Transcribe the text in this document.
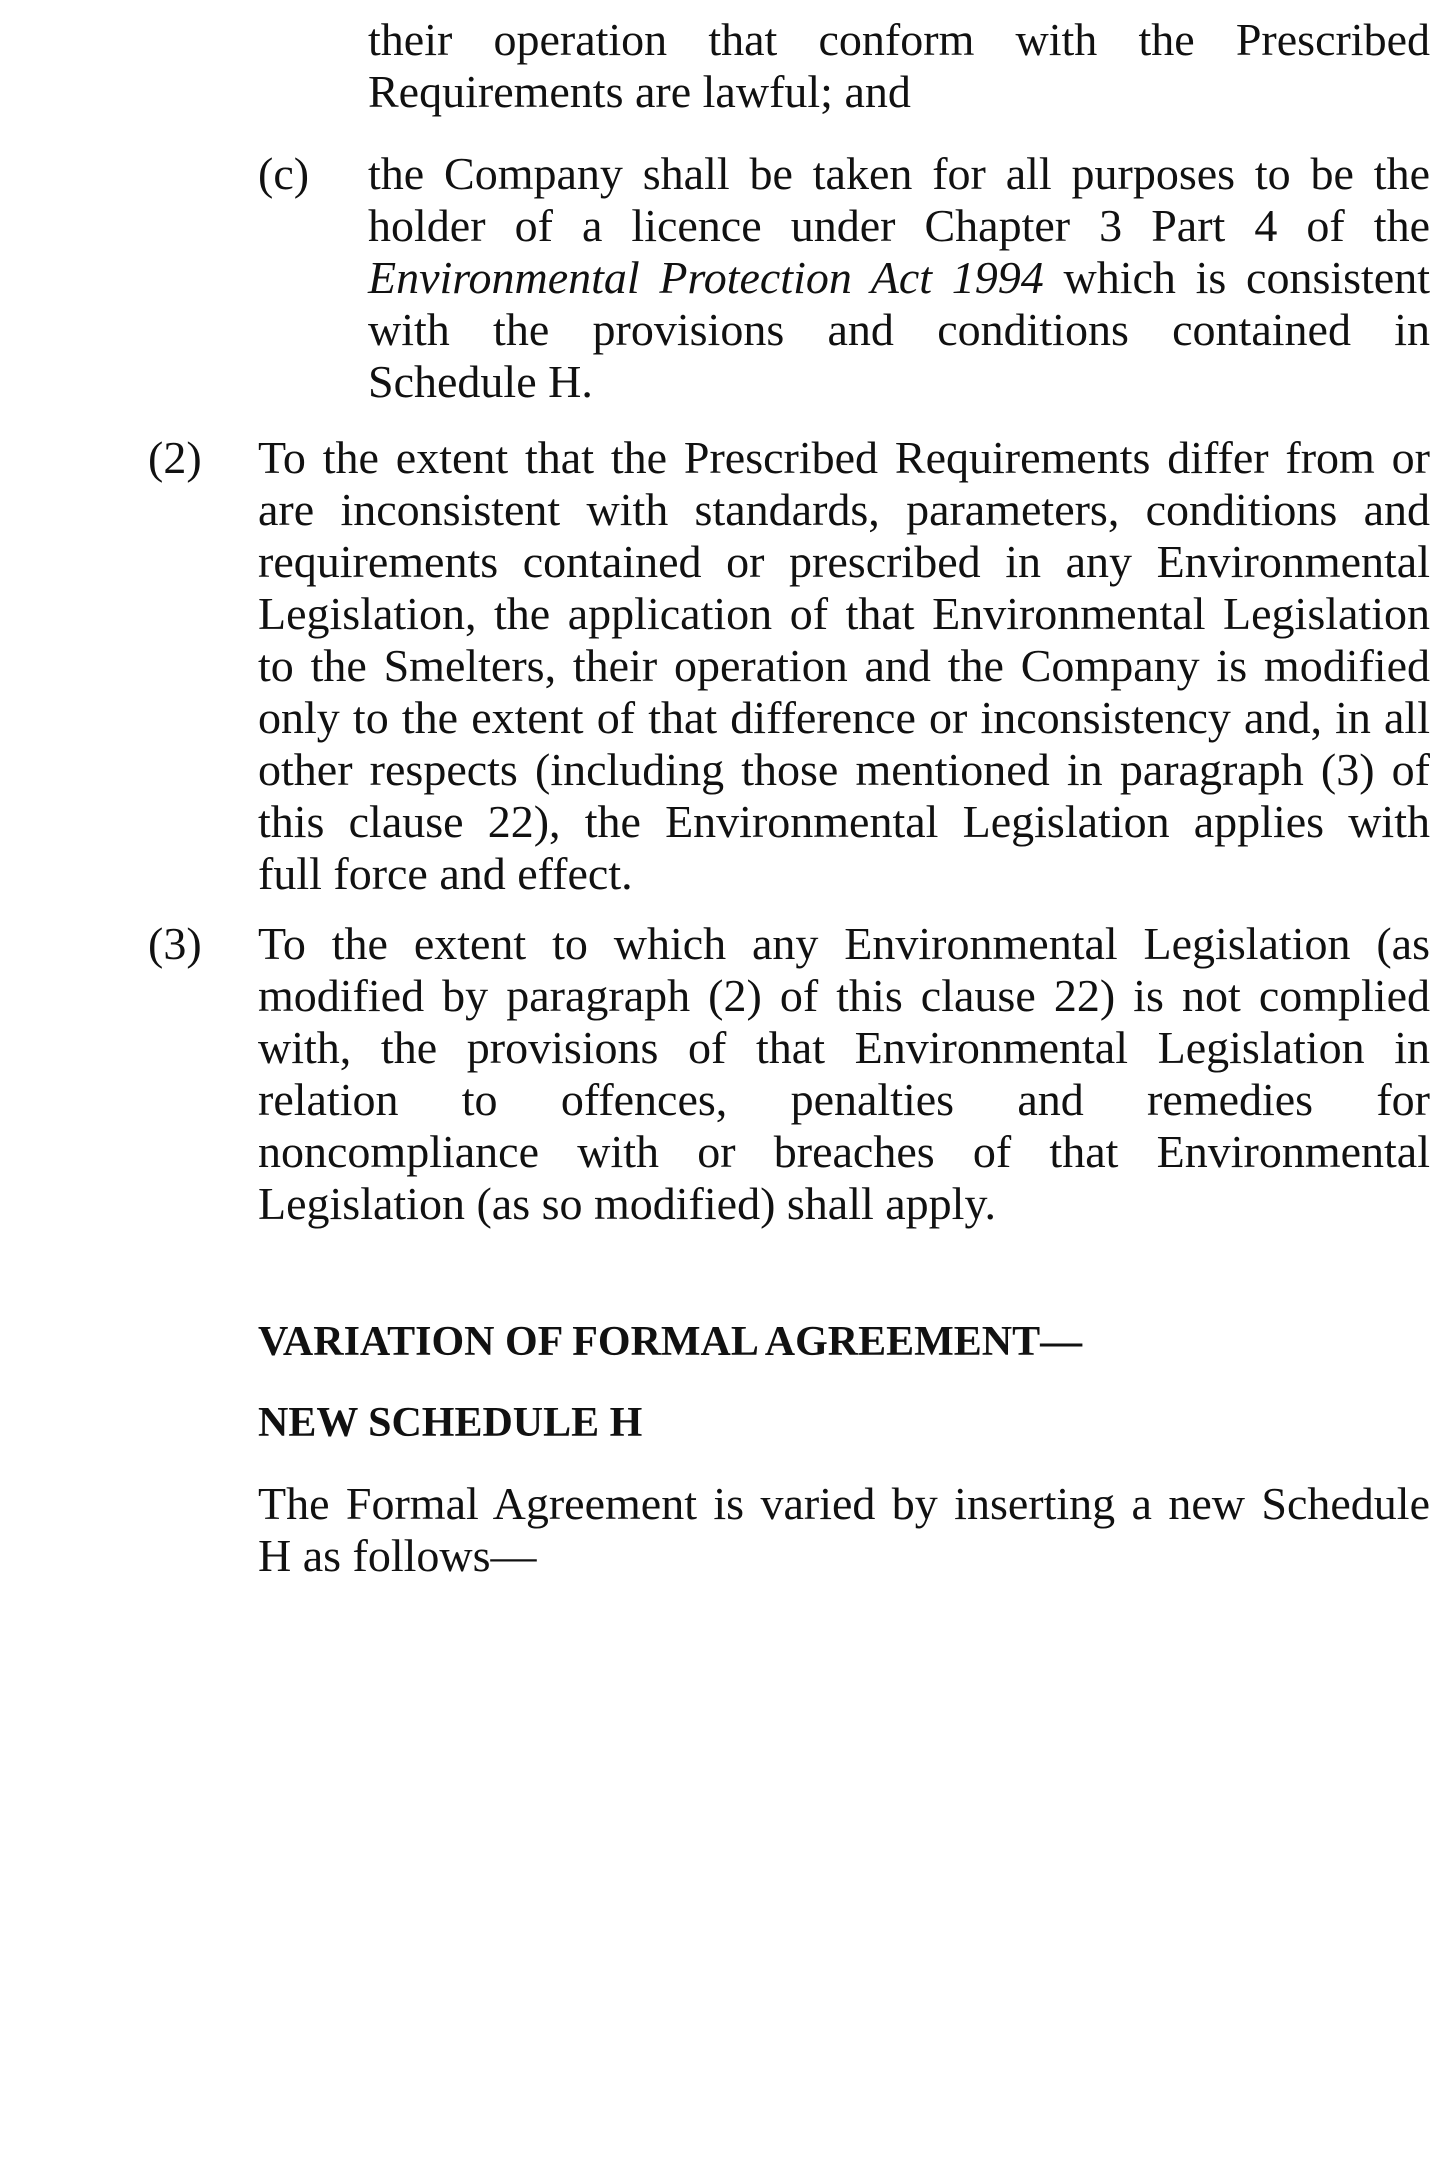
their operation that conform with the Prescribed
Requirements are lawful; and
(c) the Company shall be taken for all purposes to be the
holder of a licence under Chapter 3 Part 4 of the
Environmental Protection Act 1994 which is consistent
with the provisions and conditions contained in
Schedule H.
(2) To the extent that the Prescribed Requirements differ from or
are inconsistent with standards, parameters, conditions and
requirements contained or prescribed in any Environmental
Legislation, the application of that Environmental Legislation
to the Smelters, their operation and the Company is modified
only to the extent of that difference or inconsistency and, in all
other respects (including those mentioned in paragraph (3) of
this clause 22), the Environmental Legislation applies with
full force and effect.
(3) To the extent to which any Environmental Legislation (as
modified by paragraph (2) of this clause 22) is not complied
with, the provisions of that Environmental Legislation in
relation to offences, penalties and remedies for
noncompliance with or breaches of that Environmental
Legislation (as so modified) shall apply.
VARIATION OF FORMAL AGREEMENT—
NEW SCHEDULE H
The Formal Agreement is varied by inserting a new Schedule
H as follows—
